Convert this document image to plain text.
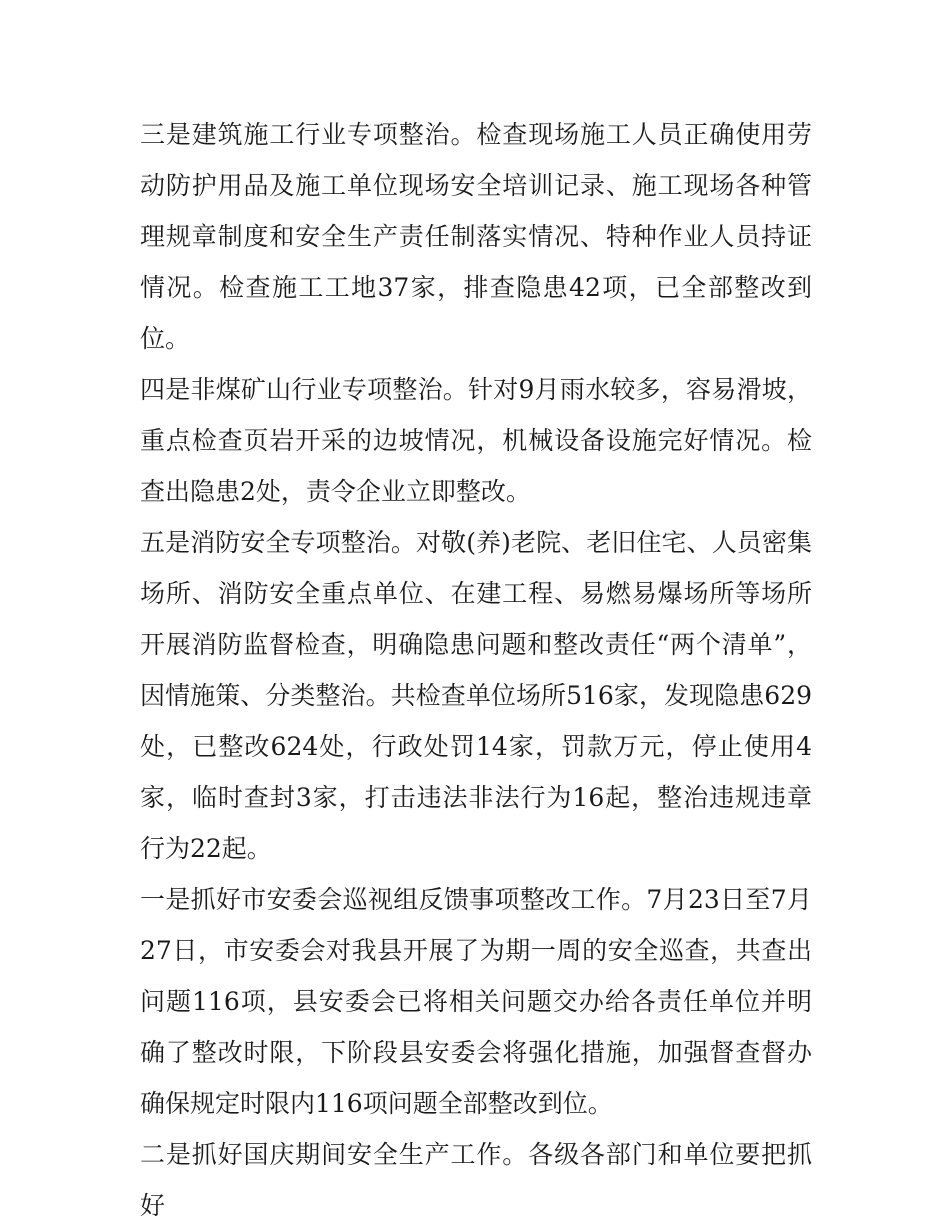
三是建筑施工行业专项整治。检查现场施工人员正确使用劳动防护用品及施工单位现场安全培训记录、施工现场各种管理规章制度和安全生产责任制落实情况、特种作业人员持证情况。检查施工工地37家，排查隐患42项，已全部整改到位。

四是非煤矿山行业专项整治。针对9月雨水较多，容易滑坡，重点检查页岩开采的边坡情况，机械设备设施完好情况。检查出隐患2处，责令企业立即整改。

五是消防安全专项整治。对敬(养)老院、老旧住宅、人员密集场所、消防安全重点单位、在建工程、易燃易爆场所等场所开展消防监督检查，明确隐患问题和整改责任“两个清单”，因情施策、分类整治。共检查单位场所516家，发现隐患629处，已整改624处，行政处罚14家，罚款万元，停止使用4家，临时查封3家，打击违法非法行为16起，整治违规违章行为22起。

一是抓好市安委会巡视组反馈事项整改工作。7月23日至7月27日，市安委会对我县开展了为期一周的安全巡查，共查出问题116项，县安委会已将相关问题交办给各责任单位并明确了整改时限，下阶段县安委会将强化措施，加强督查督办确保规定时限内116项问题全部整改到位。

二是抓好国庆期间安全生产工作。各级各部门和单位要把抓好
